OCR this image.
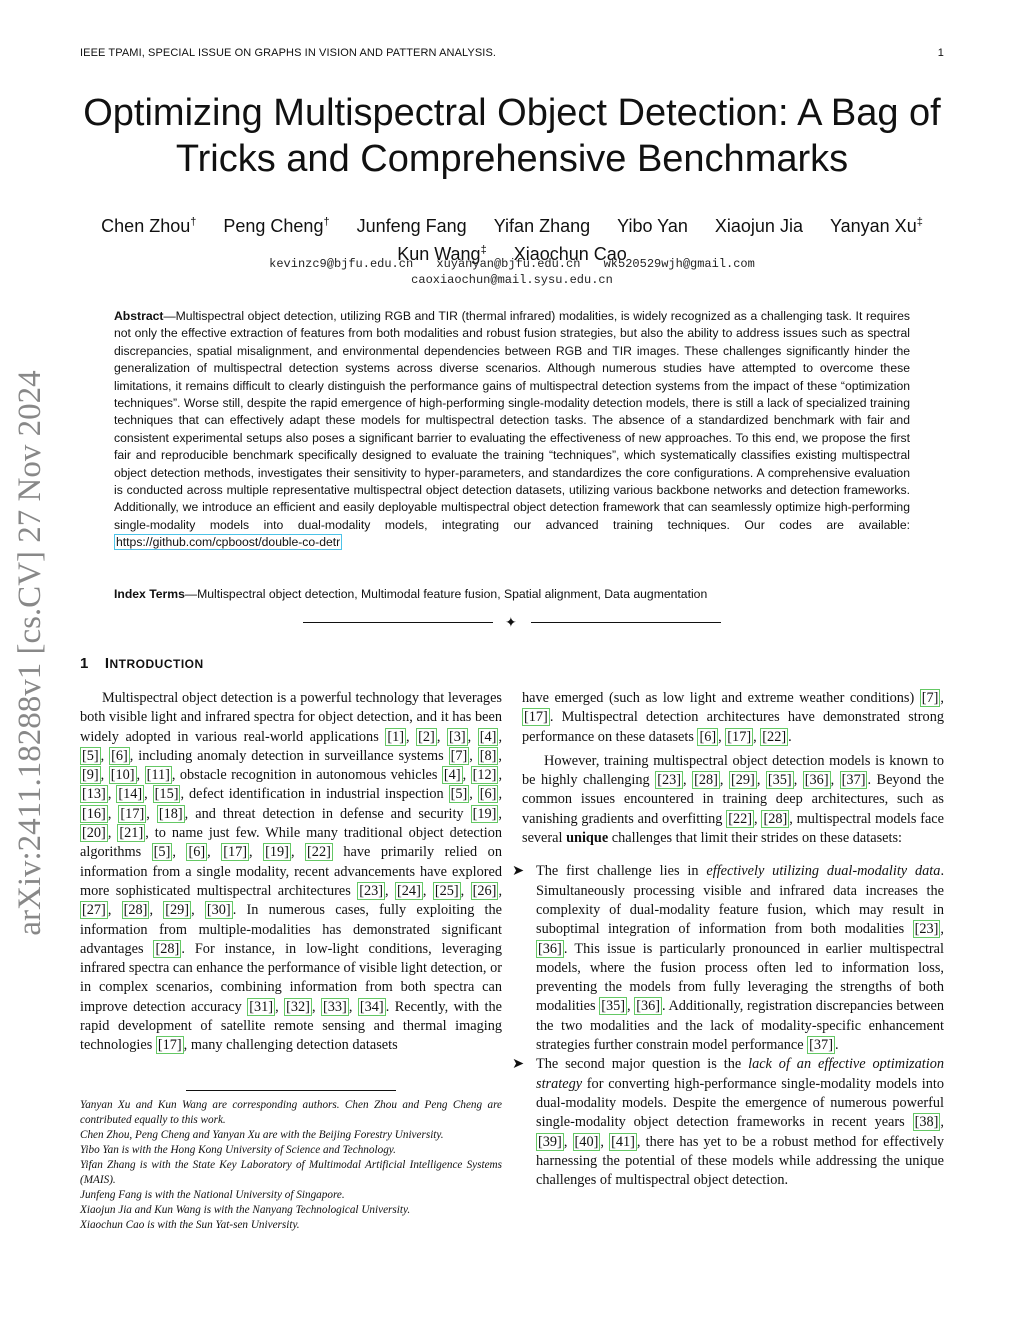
IEEE TPAMI, SPECIAL ISSUE ON GRAPHS IN VISION AND PATTERN ANALYSIS.	1
arXiv:2411.18288v1 [cs.CV] 27 Nov 2024
Optimizing Multispectral Object Detection: A Bag of Tricks and Comprehensive Benchmarks
Chen Zhou† Peng Cheng† Junfeng Fang Yifan Zhang Yibo Yan Xiaojun Jia Yanyan Xu‡
Kun Wang‡ Xiaochun Cao
kevinzc9@bjfu.edu.cn xuyanyan@bjfu.edu.cn wk520529wjh@gmail.com
caoxiaochun@mail.sysu.edu.cn
Abstract—Multispectral object detection, utilizing RGB and TIR (thermal infrared) modalities, is widely recognized as a challenging task. It requires not only the effective extraction of features from both modalities and robust fusion strategies, but also the ability to address issues such as spectral discrepancies, spatial misalignment, and environmental dependencies between RGB and TIR images. These challenges significantly hinder the generalization of multispectral detection systems across diverse scenarios. Although numerous studies have attempted to overcome these limitations, it remains difficult to clearly distinguish the performance gains of multispectral detection systems from the impact of these “optimization techniques”. Worse still, despite the rapid emergence of high-performing single-modality detection models, there is still a lack of specialized training techniques that can effectively adapt these models for multispectral detection tasks. The absence of a standardized benchmark with fair and consistent experimental setups also poses a significant barrier to evaluating the effectiveness of new approaches. To this end, we propose the first fair and reproducible benchmark specifically designed to evaluate the training “techniques”, which systematically classifies existing multispectral object detection methods, investigates their sensitivity to hyper-parameters, and standardizes the core configurations. A comprehensive evaluation is conducted across multiple representative multispectral object detection datasets, utilizing various backbone networks and detection frameworks. Additionally, we introduce an efficient and easily deployable multispectral object detection framework that can seamlessly optimize high-performing single-modality models into dual-modality models, integrating our advanced training techniques. Our codes are available: https://github.com/cpboost/double-co-detr
Index Terms—Multispectral object detection, Multimodal feature fusion, Spatial alignment, Data augmentation
✦
1 INTRODUCTION

Multispectral object detection is a powerful technology that leverages both visible light and infrared spectra for object detection, and it has been widely adopted in various real-world applications [1] , [2] , [3] , [4] , [5] , [6] , including anomaly detection in surveillance systems [7] , [8] , [9] , [10] , [11] , obstacle recognition in autonomous vehicles [4] , [12] , [13] , [14] , [15] , defect identification in industrial inspection [5] , [6] , [16] , [17] , [18] , and threat detection in defense and security [19] , [20] , [21] , to name just few. While many traditional object detection algorithms [5] , [6] , [17] , [19] , [22] have primarily relied on information from a single modality, recent advancements have explored more sophisticated multispectral architectures [23] , [24] , [25] , [26] , [27] , [28] , [29] , [30] . In numerous cases, fully exploiting the information from multiple-modalities has demonstrated significant advantages [28] . For instance, in low-light conditions, leveraging infrared spectra can enhance the performance of visible light detection, or in complex scenarios, combining information from both spectra can improve detection accuracy [31] , [32] , [33] , [34] . Recently, with the rapid development of satellite remote sensing and thermal imaging technologies [17] , many challenging detection datasets

have emerged (such as low light and extreme weather conditions) [7] , [17] . Multispectral detection architectures have demonstrated strong performance on these datasets [6] , [17] , [22] .

However, training multispectral object detection models is known to be highly challenging [23] , [28] , [29] , [35] , [36] , [37] . Beyond the common issues encountered in training deep architectures, such as vanishing gradients and overfitting [22] , [28] , multispectral models face several unique challenges that limit their strides on these datasets:

➤ The first challenge lies in effectively utilizing dual-modality data. Simultaneously processing visible and infrared data increases the complexity of dual-modality feature fusion, which may result in suboptimal integration of information from both modalities [23] , [36] . This issue is particularly pronounced in earlier multispectral models, where the fusion process often led to information loss, preventing the models from fully leveraging the strengths of both modalities [35] , [36] . Additionally, registration discrepancies between the two modalities and the lack of modality-specific enhancement strategies further constrain model performance [37] .
➤ The second major question is the lack of an effective optimization strategy for converting high-performance single-modality models into dual-modality models. Despite the emergence of numerous powerful single-modality object detection frameworks in recent years [38] , [39] , [40] , [41] , there has yet to be a robust method for effectively harnessing the potential of these models while addressing the unique challenges of multispectral object detection.

Yanyan Xu and Kun Wang are corresponding authors. Chen Zhou and Peng Cheng are contributed equally to this work.

Chen Zhou, Peng Cheng and Yanyan Xu are with the Beijing Forestry University.

Yibo Yan is with the Hong Kong University of Science and Technology.

Yifan Zhang is with the State Key Laboratory of Multimodal Artificial Intelligence Systems (MAIS).

Junfeng Fang is with the National University of Singapore.

Xiaojun Jia and Kun Wang is with the Nanyang Technological University.

Xiaochun Cao is with the Sun Yat-sen University.
